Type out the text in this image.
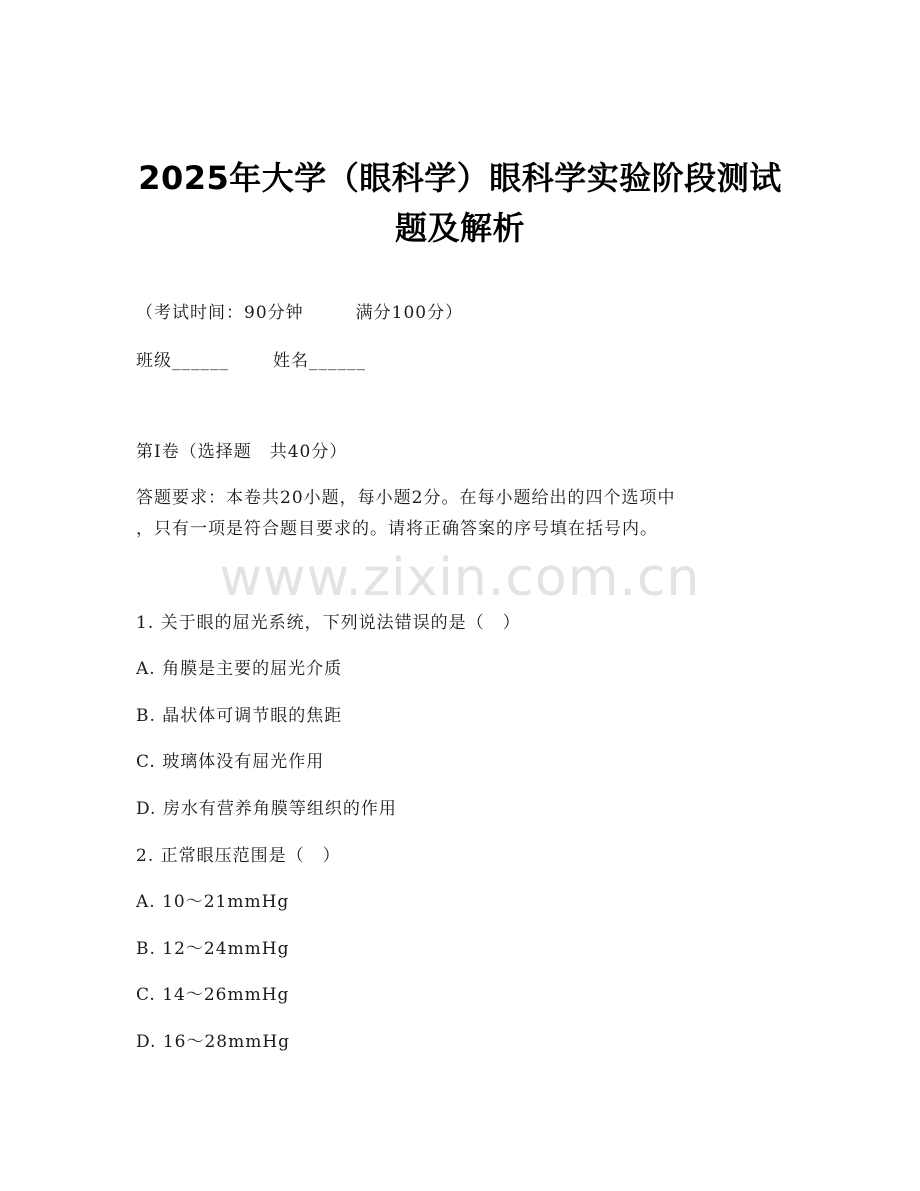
2025年大学（眼科学）眼科学实验阶段测试
题及解析
（考试时间：90分钟	满分100分）
班级______	姓名______
第I卷（选择题　共40分）
答题要求：本卷共20小题，每小题2分。在每小题给出的四个选项中
，只有一项是符合题目要求的。请将正确答案的序号填在括号内。
www.zixin.com.cn
1. 关于眼的屈光系统，下列说法错误的是（　）
A. 角膜是主要的屈光介质
B. 晶状体可调节眼的焦距
C. 玻璃体没有屈光作用
D. 房水有营养角膜等组织的作用
2. 正常眼压范围是（　）
A. 10～21mmHg
B. 12～24mmHg
C. 14～26mmHg
D. 16～28mmHg
